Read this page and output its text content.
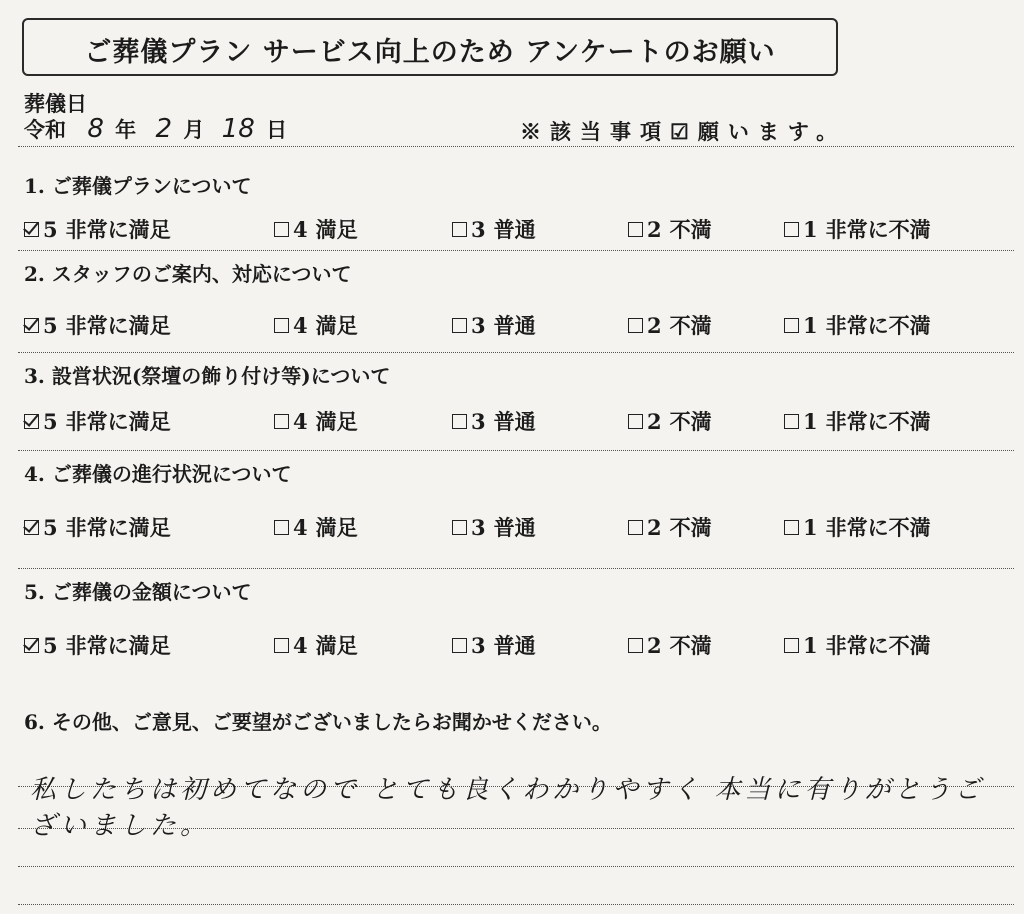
ご葬儀プラン サービス向上のため アンケートのお願い
葬儀日
令和 8 年 2 月 18 日	※該当事項☑願います。
1. ご葬儀プランについて
5 非常に満足	4 満足	3 普通	2 不満	1 非常に不満
2. スタッフのご案内、対応について
5 非常に満足	4 満足	3 普通	2 不満	1 非常に不満
3. 設営状況(祭壇の飾り付け等)について
5 非常に満足	4 満足	3 普通	2 不満	1 非常に不満
4. ご葬儀の進行状況について
5 非常に満足	4 満足	3 普通	2 不満	1 非常に不満
5. ご葬儀の金額について
5 非常に満足	4 満足	3 普通	2 不満	1 非常に不満
6. その他、ご意見、ご要望がございましたらお聞かせください。
私したちは初めてなので とても良くわかりやすく 本当に有りがとうございました。
